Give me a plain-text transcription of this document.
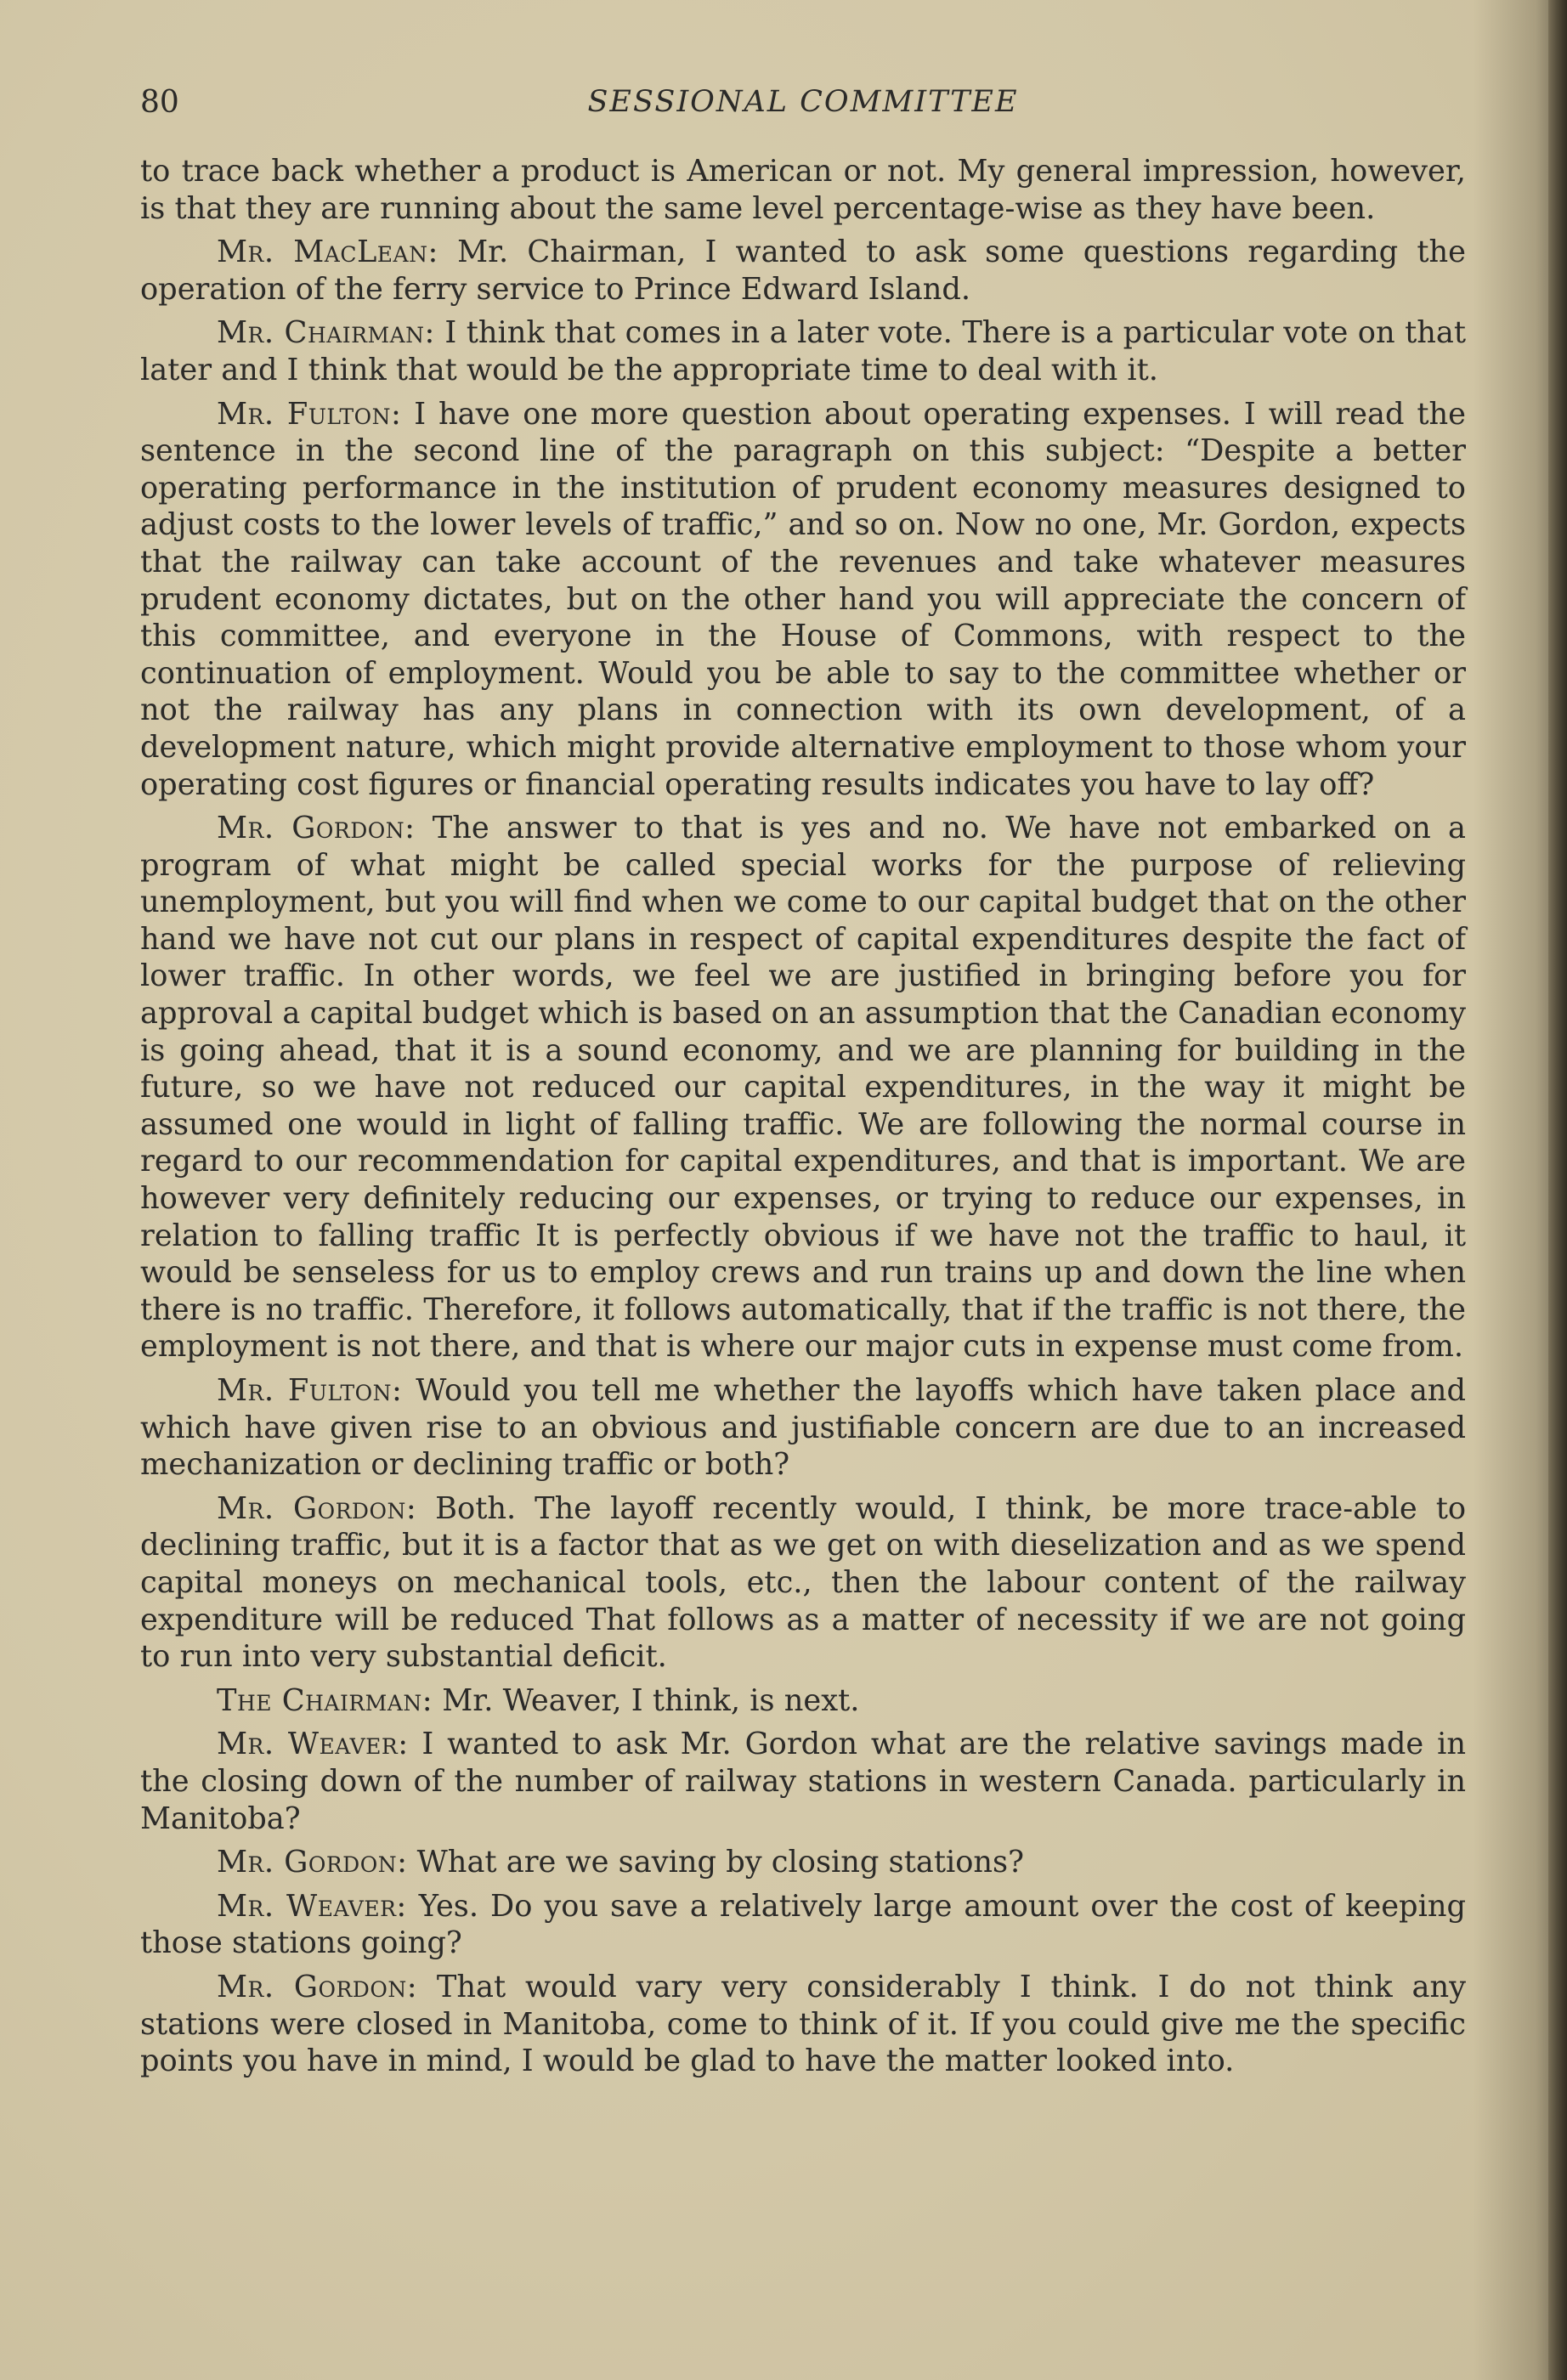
80	SESSIONAL COMMITTEE

to trace back whether a product is American or not. My general impression, however, is that they are running about the same level percentage-wise as they have been.

Mr. MacLean: Mr. Chairman, I wanted to ask some questions regarding the operation of the ferry service to Prince Edward Island.

Mr. Chairman: I think that comes in a later vote. There is a particular vote on that later and I think that would be the appropriate time to deal with it.

Mr. Fulton: I have one more question about operating expenses. I will read the sentence in the second line of the paragraph on this subject: “Despite a better operating performance in the institution of prudent economy measures designed to adjust costs to the lower levels of traffic,” and so on. Now no one, Mr. Gordon, expects that the railway can take account of the revenues and take whatever measures prudent economy dictates, but on the other hand you will appreciate the concern of this committee, and everyone in the House of Commons, with respect to the continuation of employment. Would you be able to say to the committee whether or not the railway has any plans in connection with its own development, of a development nature, which might provide alternative employment to those whom your operating cost figures or financial operating results indicates you have to lay off?

Mr. Gordon: The answer to that is yes and no. We have not embarked on a program of what might be called special works for the purpose of relieving unemployment, but you will find when we come to our capital budget that on the other hand we have not cut our plans in respect of capital expenditures despite the fact of lower traffic. In other words, we feel we are justified in bringing before you for approval a capital budget which is based on an assumption that the Canadian economy is going ahead, that it is a sound economy, and we are planning for building in the future, so we have not reduced our capital expenditures, in the way it might be assumed one would in light of falling traffic. We are following the normal course in regard to our recommendation for capital expenditures, and that is important. We are however very definitely reducing our expenses, or trying to reduce our expenses, in relation to falling traffic It is perfectly obvious if we have not the traffic to haul, it would be senseless for us to employ crews and run trains up and down the line when there is no traffic. Therefore, it follows automatically, that if the traffic is not there, the employment is not there, and that is where our major cuts in expense must come from.

Mr. Fulton: Would you tell me whether the layoffs which have taken place and which have given rise to an obvious and justifiable concern are due to an increased mechanization or declining traffic or both?

Mr. Gordon: Both. The layoff recently would, I think, be more trace-able to declining traffic, but it is a factor that as we get on with dieselization and as we spend capital moneys on mechanical tools, etc., then the labour content of the railway expenditure will be reduced That follows as a matter of necessity if we are not going to run into very substantial deficit.

The Chairman: Mr. Weaver, I think, is next.

Mr. Weaver: I wanted to ask Mr. Gordon what are the relative savings made in the closing down of the number of railway stations in western Canada. particularly in Manitoba?

Mr. Gordon: What are we saving by closing stations?

Mr. Weaver: Yes. Do you save a relatively large amount over the cost of keeping those stations going?

Mr. Gordon: That would vary very considerably I think. I do not think any stations were closed in Manitoba, come to think of it. If you could give me the specific points you have in mind, I would be glad to have the matter looked into.
